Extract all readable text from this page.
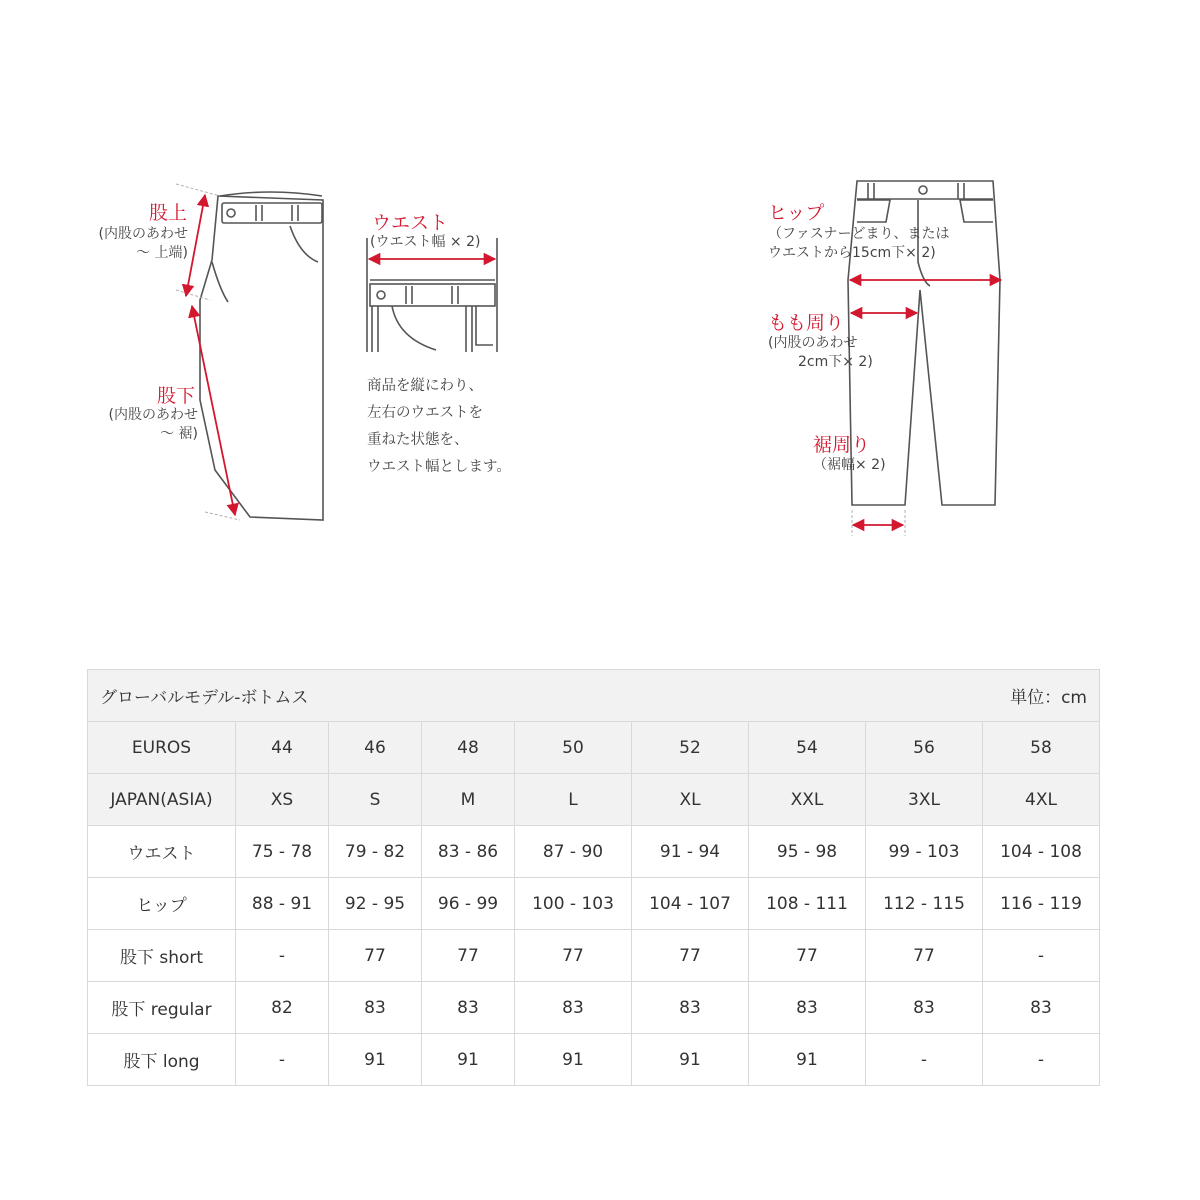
股上
(内股のあわせ
～ 上端)
股下
(内股のあわせ
～ 裾)
ウエスト
(ウエスト幅 × 2)
商品を縦にわり、
左右のウエストを
重ねた状態を、
ウエスト幅とします。
ヒップ
（ファスナーどまり、または
ウエストから15cm下× 2)
もも周り
(内股のあわせ
2cm下× 2)
裾周り
（裾幅× 2)
グローバルモデル-ボトムス 単位：cm								

EUROS	44	46	48	50	52	54	56	58
JAPAN(ASIA)	XS	S	M	L	XL	XXL	3XL	4XL
ウエスト	75 - 78	79 - 82	83 - 86	87 - 90	91 - 94	95 - 98	99 - 103	104 - 108
ヒップ	88 - 91	92 - 95	96 - 99	100 - 103	104 - 107	108 - 111	112 - 115	116 - 119
股下 short	-	77	77	77	77	77	77	-
股下 regular	82	83	83	83	83	83	83	83
股下 long	-	91	91	91	91	91	-	-
